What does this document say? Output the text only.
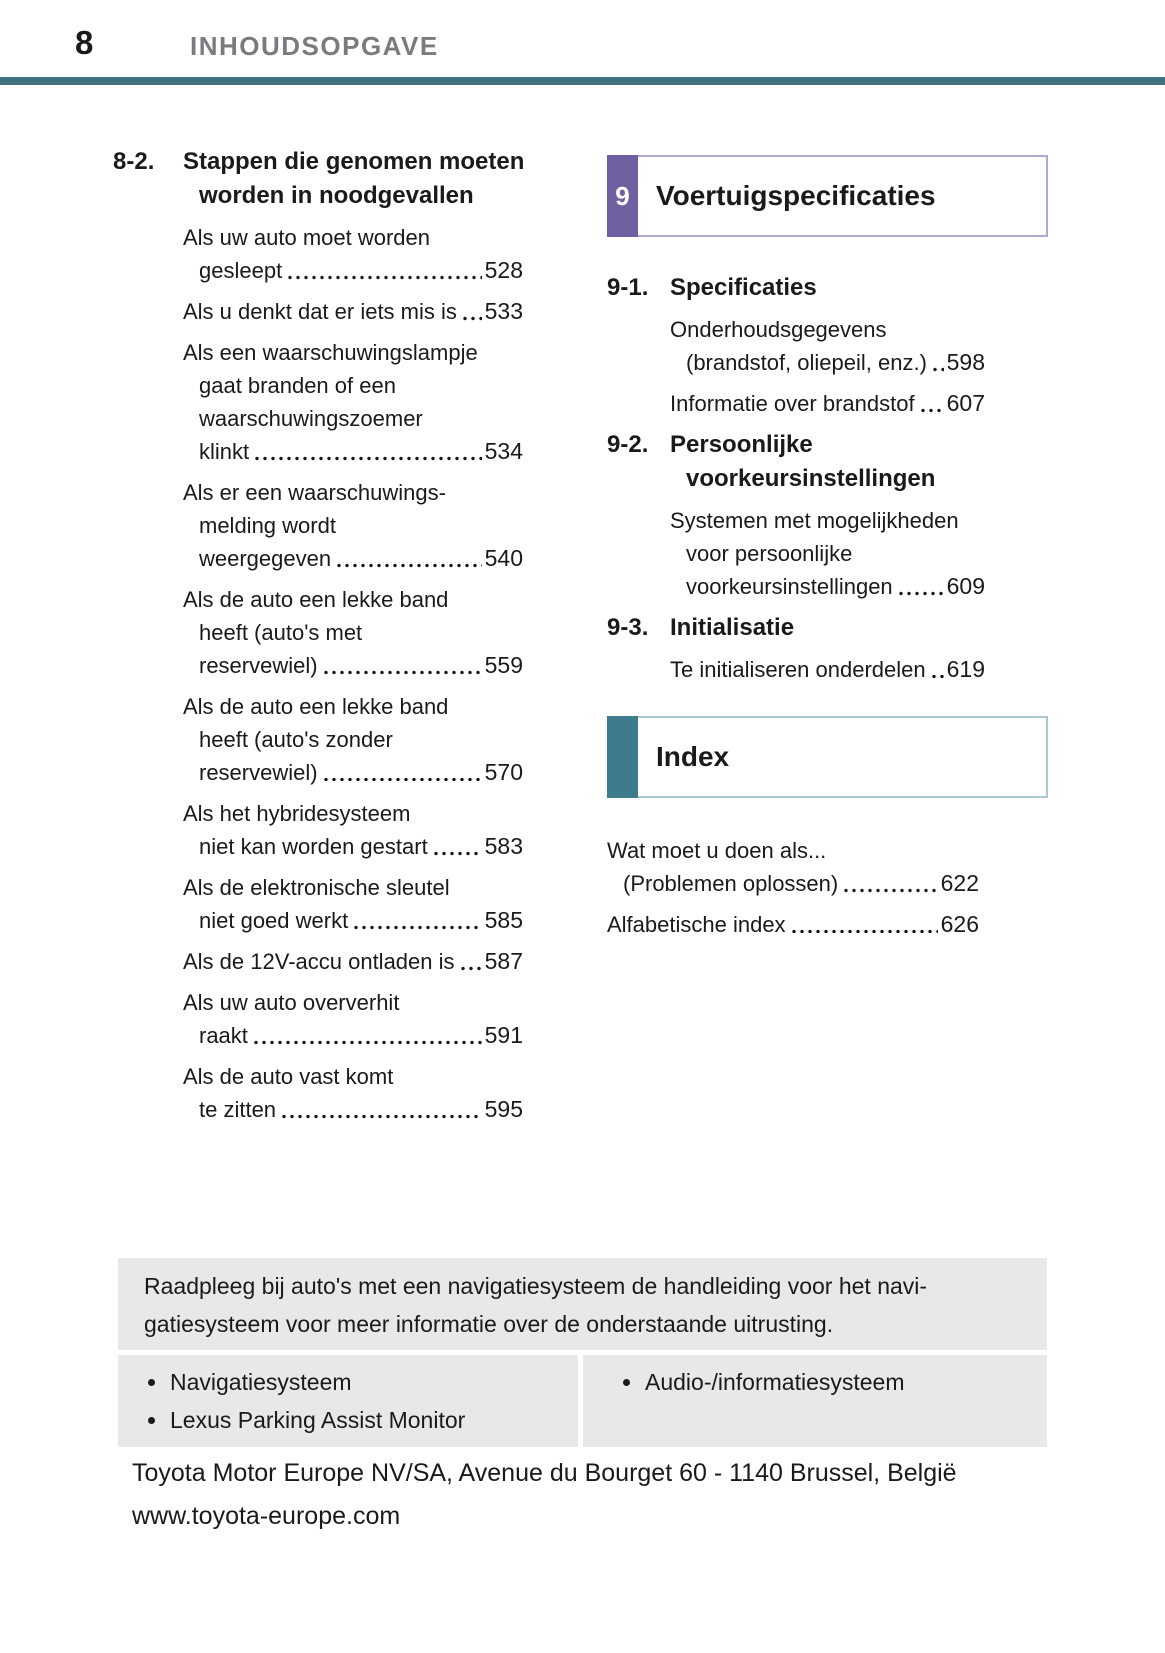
8	INHOUDSOPGAVE
8-2.	Stappen die genomen moeten
worden in noodgevallen
Als uw auto moet worden
gesleept	528
Als u denkt dat er iets mis is 533
Als een waarschuwingslampje
gaat branden of een
waarschuwingszoemer
klinkt	534
Als er een waarschuwings-
melding wordt
weergegeven	540
Als de auto een lekke band
heeft (auto's met
reservewiel)	559
Als de auto een lekke band
heeft (auto's zonder
reservewiel)	570
Als het hybridesysteem
niet kan worden gestart 583
Als de elektronische sleutel
niet goed werkt	585
Als de 12V-accu ontladen is 587
Als uw auto oververhit
raakt	591
Als de auto vast komt
te zitten	595
9 Voertuigspecificaties
9-1. Specificaties
Onderhoudsgegevens
(brandstof, oliepeil, enz.) 598
Informatie over brandstof 607
9-2. Persoonlijke
voorkeursinstellingen
Systemen met mogelijkheden
voor persoonlijke
voorkeursinstellingen 609
9-3. Initialisatie
Te initialiseren onderdelen 619
Index
Wat moet u doen als...
(Problemen oplossen)	622
Alfabetische index	626
Raadpleeg bij auto's met een navigatiesysteem de handleiding voor het navi-
gatiesysteem voor meer informatie over de onderstaande uitrusting.
Navigatiesysteem
Lexus Parking Assist Monitor
Audio-/informatiesysteem
Toyota Motor Europe NV/SA, Avenue du Bourget 60 - 1140 Brussel, België
www.toyota-europe.com
